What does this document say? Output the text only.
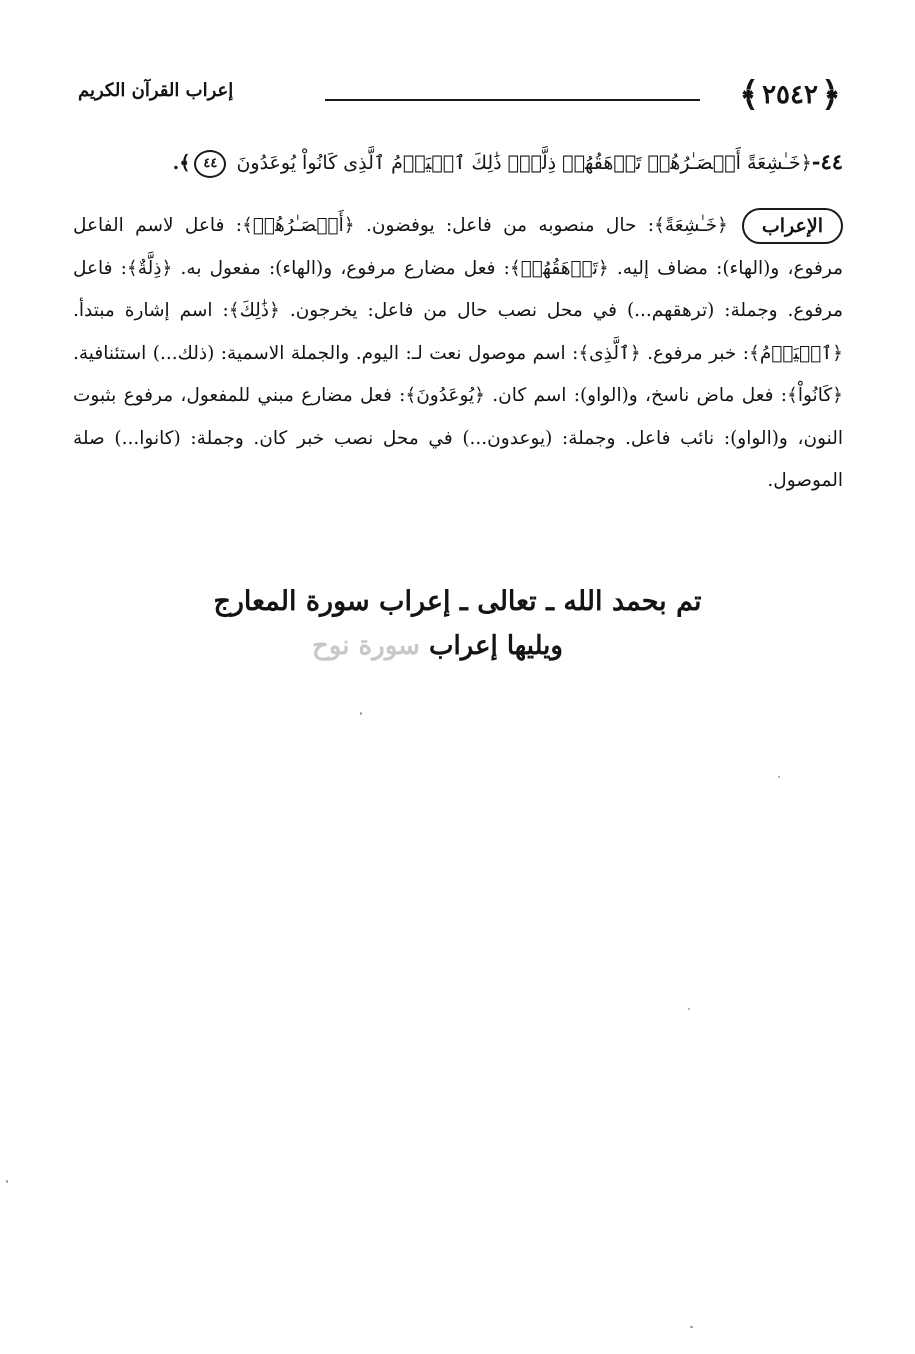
إعراب القرآن الكريم	﴾ ٢٥٤٢ ﴿
٤٤-﴿خَـٰشِعَةً أَبۡصَـٰرُهُمۡ تَرۡهَقُهُمۡ ذِلَّةٌۚ ذَٰلِكَ ٱلۡيَوۡمُ ٱلَّذِى كَانُواْ يُوعَدُونَ ٤٤﴾.
الإعراب﴿خَـٰشِعَةً﴾: حال منصوبه من فاعل: يوفضون. ﴿أَبۡصَـٰرُهُمۡ﴾: فاعل لاسم الفاعل مرفوع، و(الهاء): مضاف إليه. ﴿تَرۡهَقُهُمۡ﴾: فعل مضارع مرفوع، و(الهاء): مفعول به. ﴿ذِلَّةٌ﴾: فاعل مرفوع. وجملة: (ترهقهم...) في محل نصب حال من فاعل: يخرجون. ﴿ذَٰلِكَ﴾: اسم إشارة مبتدأ. ﴿ٱلۡيَوۡمُ﴾: خبر مرفوع. ﴿ٱلَّذِى﴾: اسم موصول نعت لـ: اليوم. والجملة الاسمية: (ذلك...) استئنافية. ﴿كَانُواْ﴾: فعل ماض ناسخ، و(الواو): اسم كان. ﴿يُوعَدُونَ﴾: فعل مضارع مبني للمفعول، مرفوع بثبوت النون، و(الواو): نائب فاعل. وجملة: (يوعدون...) في محل نصب خبر كان. وجملة: (كانوا...) صلة الموصول.
تم بحمد الله ـ تعالى ـ إعراب سورة المعارج
ويليها إعراب سورة نوح
